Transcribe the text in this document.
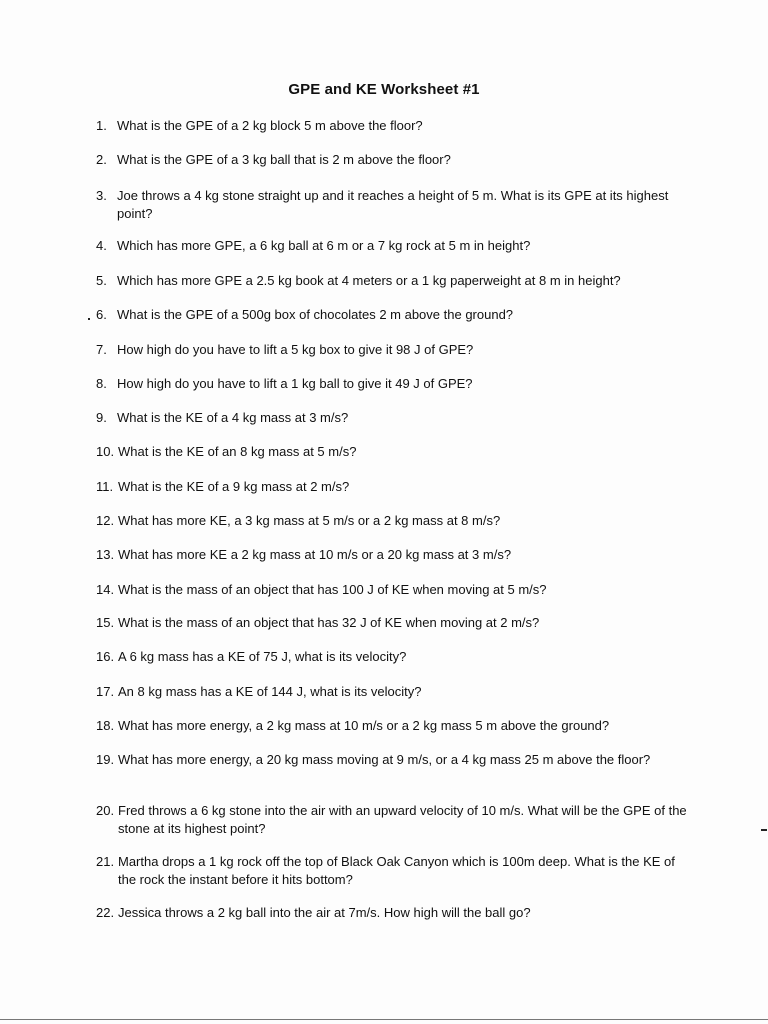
GPE and KE Worksheet #1
1. What is the GPE of a 2 kg block 5 m above the floor?
2. What is the GPE of a 3 kg ball that is 2 m above the floor?
3. Joe throws a 4 kg stone straight up and it reaches a height of 5 m. What is its GPE at its highest point?
4. Which has more GPE, a 6 kg ball at 6 m or a 7 kg rock at 5 m in height?
5. Which has more GPE a 2.5 kg book at 4 meters or a 1 kg paperweight at 8 m in height?
6. What is the GPE of a 500g box of chocolates 2 m above the ground?
7. How high do you have to lift a 5 kg box to give it 98 J of GPE?
8. How high do you have to lift a 1 kg ball to give it 49 J of GPE?
9. What is the KE of a 4 kg mass at 3 m/s?
10. What is the KE of an 8 kg mass at 5 m/s?
11. What is the KE of a 9 kg mass at 2 m/s?
12. What has more KE, a 3 kg mass at 5 m/s or a 2 kg mass at 8 m/s?
13. What has more KE a 2 kg mass at 10 m/s or a 20 kg mass at 3 m/s?
14. What is the mass of an object that has 100 J of KE when moving at 5 m/s?
15. What is the mass of an object that has 32 J of KE when moving at 2 m/s?
16. A 6 kg mass has a KE of 75 J, what is its velocity?
17. An 8 kg mass has a KE of 144 J, what is its velocity?
18. What has more energy, a 2 kg mass at 10 m/s or a 2 kg mass 5 m above the ground?
19. What has more energy, a 20 kg mass moving at 9 m/s, or a 4 kg mass 25 m above the floor?
20. Fred throws a 6 kg stone into the air with an upward velocity of 10 m/s. What will be the GPE of the stone at its highest point?
21. Martha drops a 1 kg rock off the top of Black Oak Canyon which is 100m deep. What is the KE of the rock the instant before it hits bottom?
22. Jessica throws a 2 kg ball into the air at 7m/s. How high will the ball go?
